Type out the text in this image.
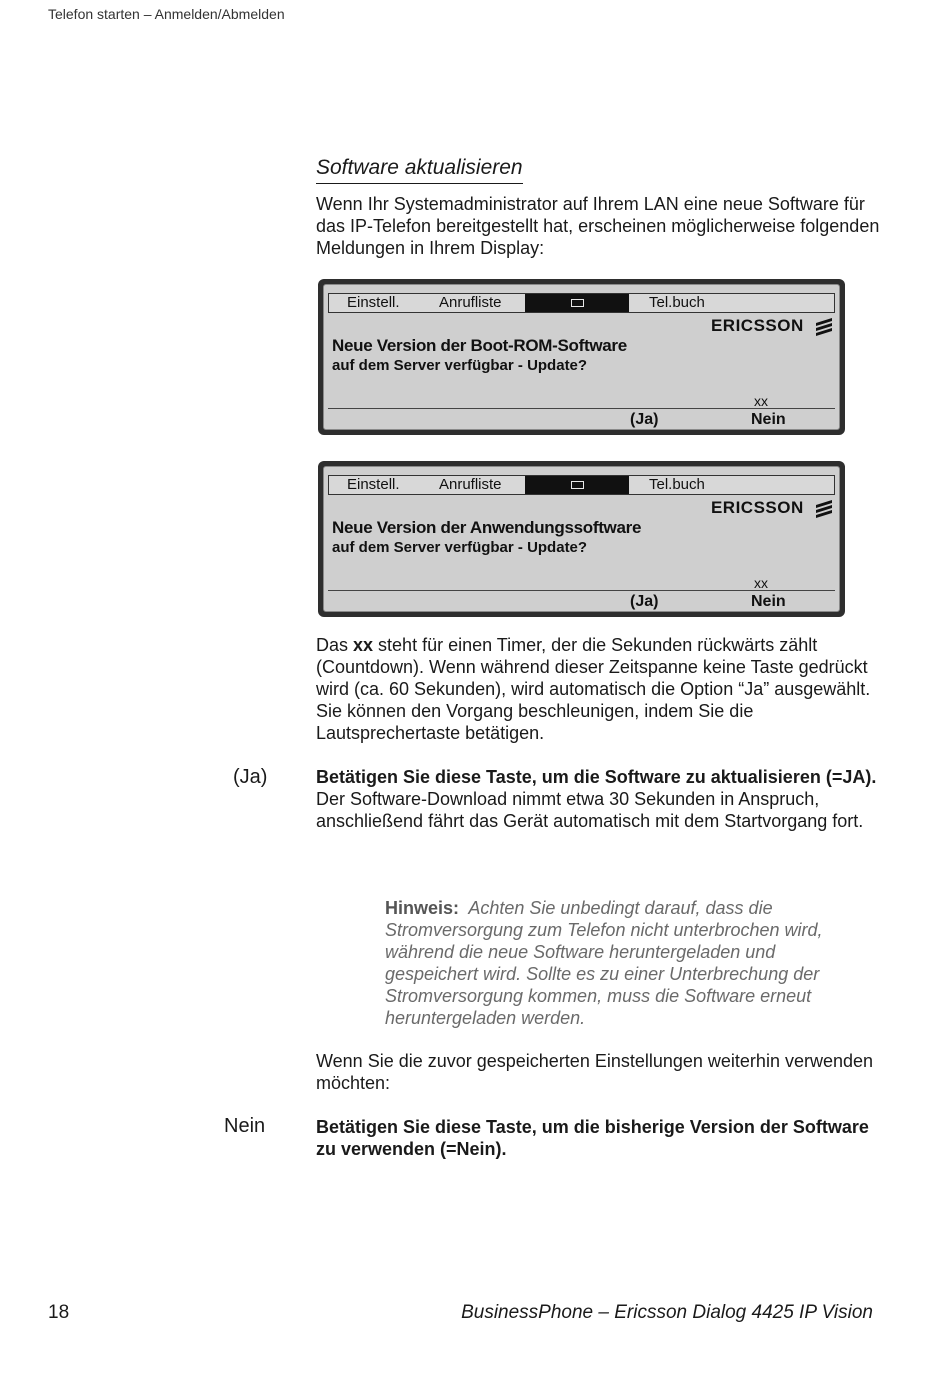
Telefon starten – Anmelden/Abmelden
Software aktualisieren

Wenn Ihr Systemadministrator auf Ihrem LAN eine neue Software für das IP-Telefon bereitgestellt hat, erscheinen möglicherweise folgenden Meldungen in Ihrem Display:

Einstell.	Anrufliste	Tel.buch
ERICSSON
Neue Version der Boot-ROM-Software
auf dem Server verfügbar - Update?
xx
(Ja)	Nein
Einstell.	Anrufliste	Tel.buch
ERICSSON
Neue Version der Anwendungssoftware
auf dem Server verfügbar - Update?
xx
(Ja)	Nein

Das xx steht für einen Timer, der die Sekunden rückwärts zählt (Countdown). Wenn während dieser Zeitspanne keine Taste gedrückt wird (ca. 60 Sekunden), wird automatisch die Option “Ja” ausgewählt. Sie können den Vorgang beschleunigen, indem Sie die Lautsprechertaste betätigen.

(Ja)	Betätigen Sie diese Taste, um die Software zu aktualisieren (=JA).
Der Software-Download nimmt etwa 30 Sekunden in Anspruch, anschließend fährt das Gerät automatisch mit dem Startvorgang fort.
Hinweis: Achten Sie unbedingt darauf, dass die Stromversorgung zum Telefon nicht unterbrochen wird, während die neue Software heruntergeladen und gespeichert wird. Sollte es zu einer Unterbrechung der Stromversorgung kommen, muss die Software erneut heruntergeladen werden.
Wenn Sie die zuvor gespeicherten Einstellungen weiterhin verwenden möchten:
Nein	Betätigen Sie diese Taste, um die bisherige Version der Software zu verwenden (=Nein).
18	BusinessPhone – Ericsson Dialog 4425 IP Vision
